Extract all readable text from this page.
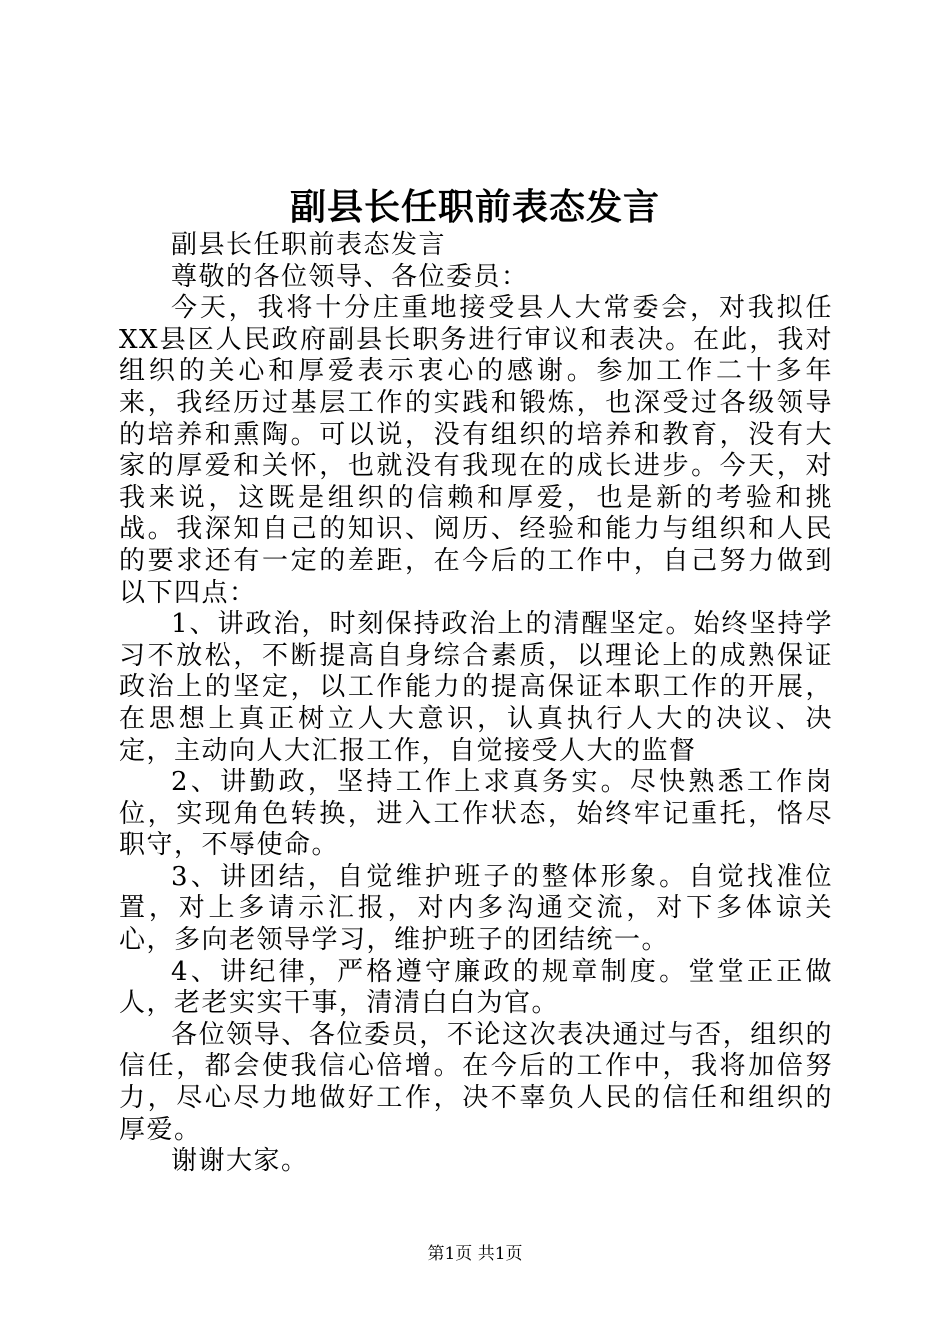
副县长任职前表态发言

副县长任职前表态发言

尊敬的各位领导、各位委员：

今天，我将十分庄重地接受县人大常委会，对我拟任XX县区人民政府副县长职务进行审议和表决。在此，我对组织的关心和厚爱表示衷心的感谢。参加工作二十多年来，我经历过基层工作的实践和锻炼，也深受过各级领导的培养和熏陶。可以说，没有组织的培养和教育，没有大家的厚爱和关怀，也就没有我现在的成长进步。今天，对我来说，这既是组织的信赖和厚爱，也是新的考验和挑战。我深知自己的知识、阅历、经验和能力与组织和人民的要求还有一定的差距，在今后的工作中，自己努力做到以下四点：

1、讲政治，时刻保持政治上的清醒坚定。始终坚持学习不放松，不断提高自身综合素质，以理论上的成熟保证政治上的坚定，以工作能力的提高保证本职工作的开展，在思想上真正树立人大意识，认真执行人大的决议、决定，主动向人大汇报工作，自觉接受人大的监督

2、讲勤政，坚持工作上求真务实。尽快熟悉工作岗位，实现角色转换，进入工作状态，始终牢记重托，恪尽职守，不辱使命。

3、讲团结，自觉维护班子的整体形象。自觉找准位置，对上多请示汇报，对内多沟通交流，对下多体谅关心，多向老领导学习，维护班子的团结统一。

4、讲纪律，严格遵守廉政的规章制度。堂堂正正做人，老老实实干事，清清白白为官。

各位领导、各位委员，不论这次表决通过与否，组织的信任，都会使我信心倍增。在今后的工作中，我将加倍努力，尽心尽力地做好工作，决不辜负人民的信任和组织的厚爱。

谢谢大家。

第1页 共1页
